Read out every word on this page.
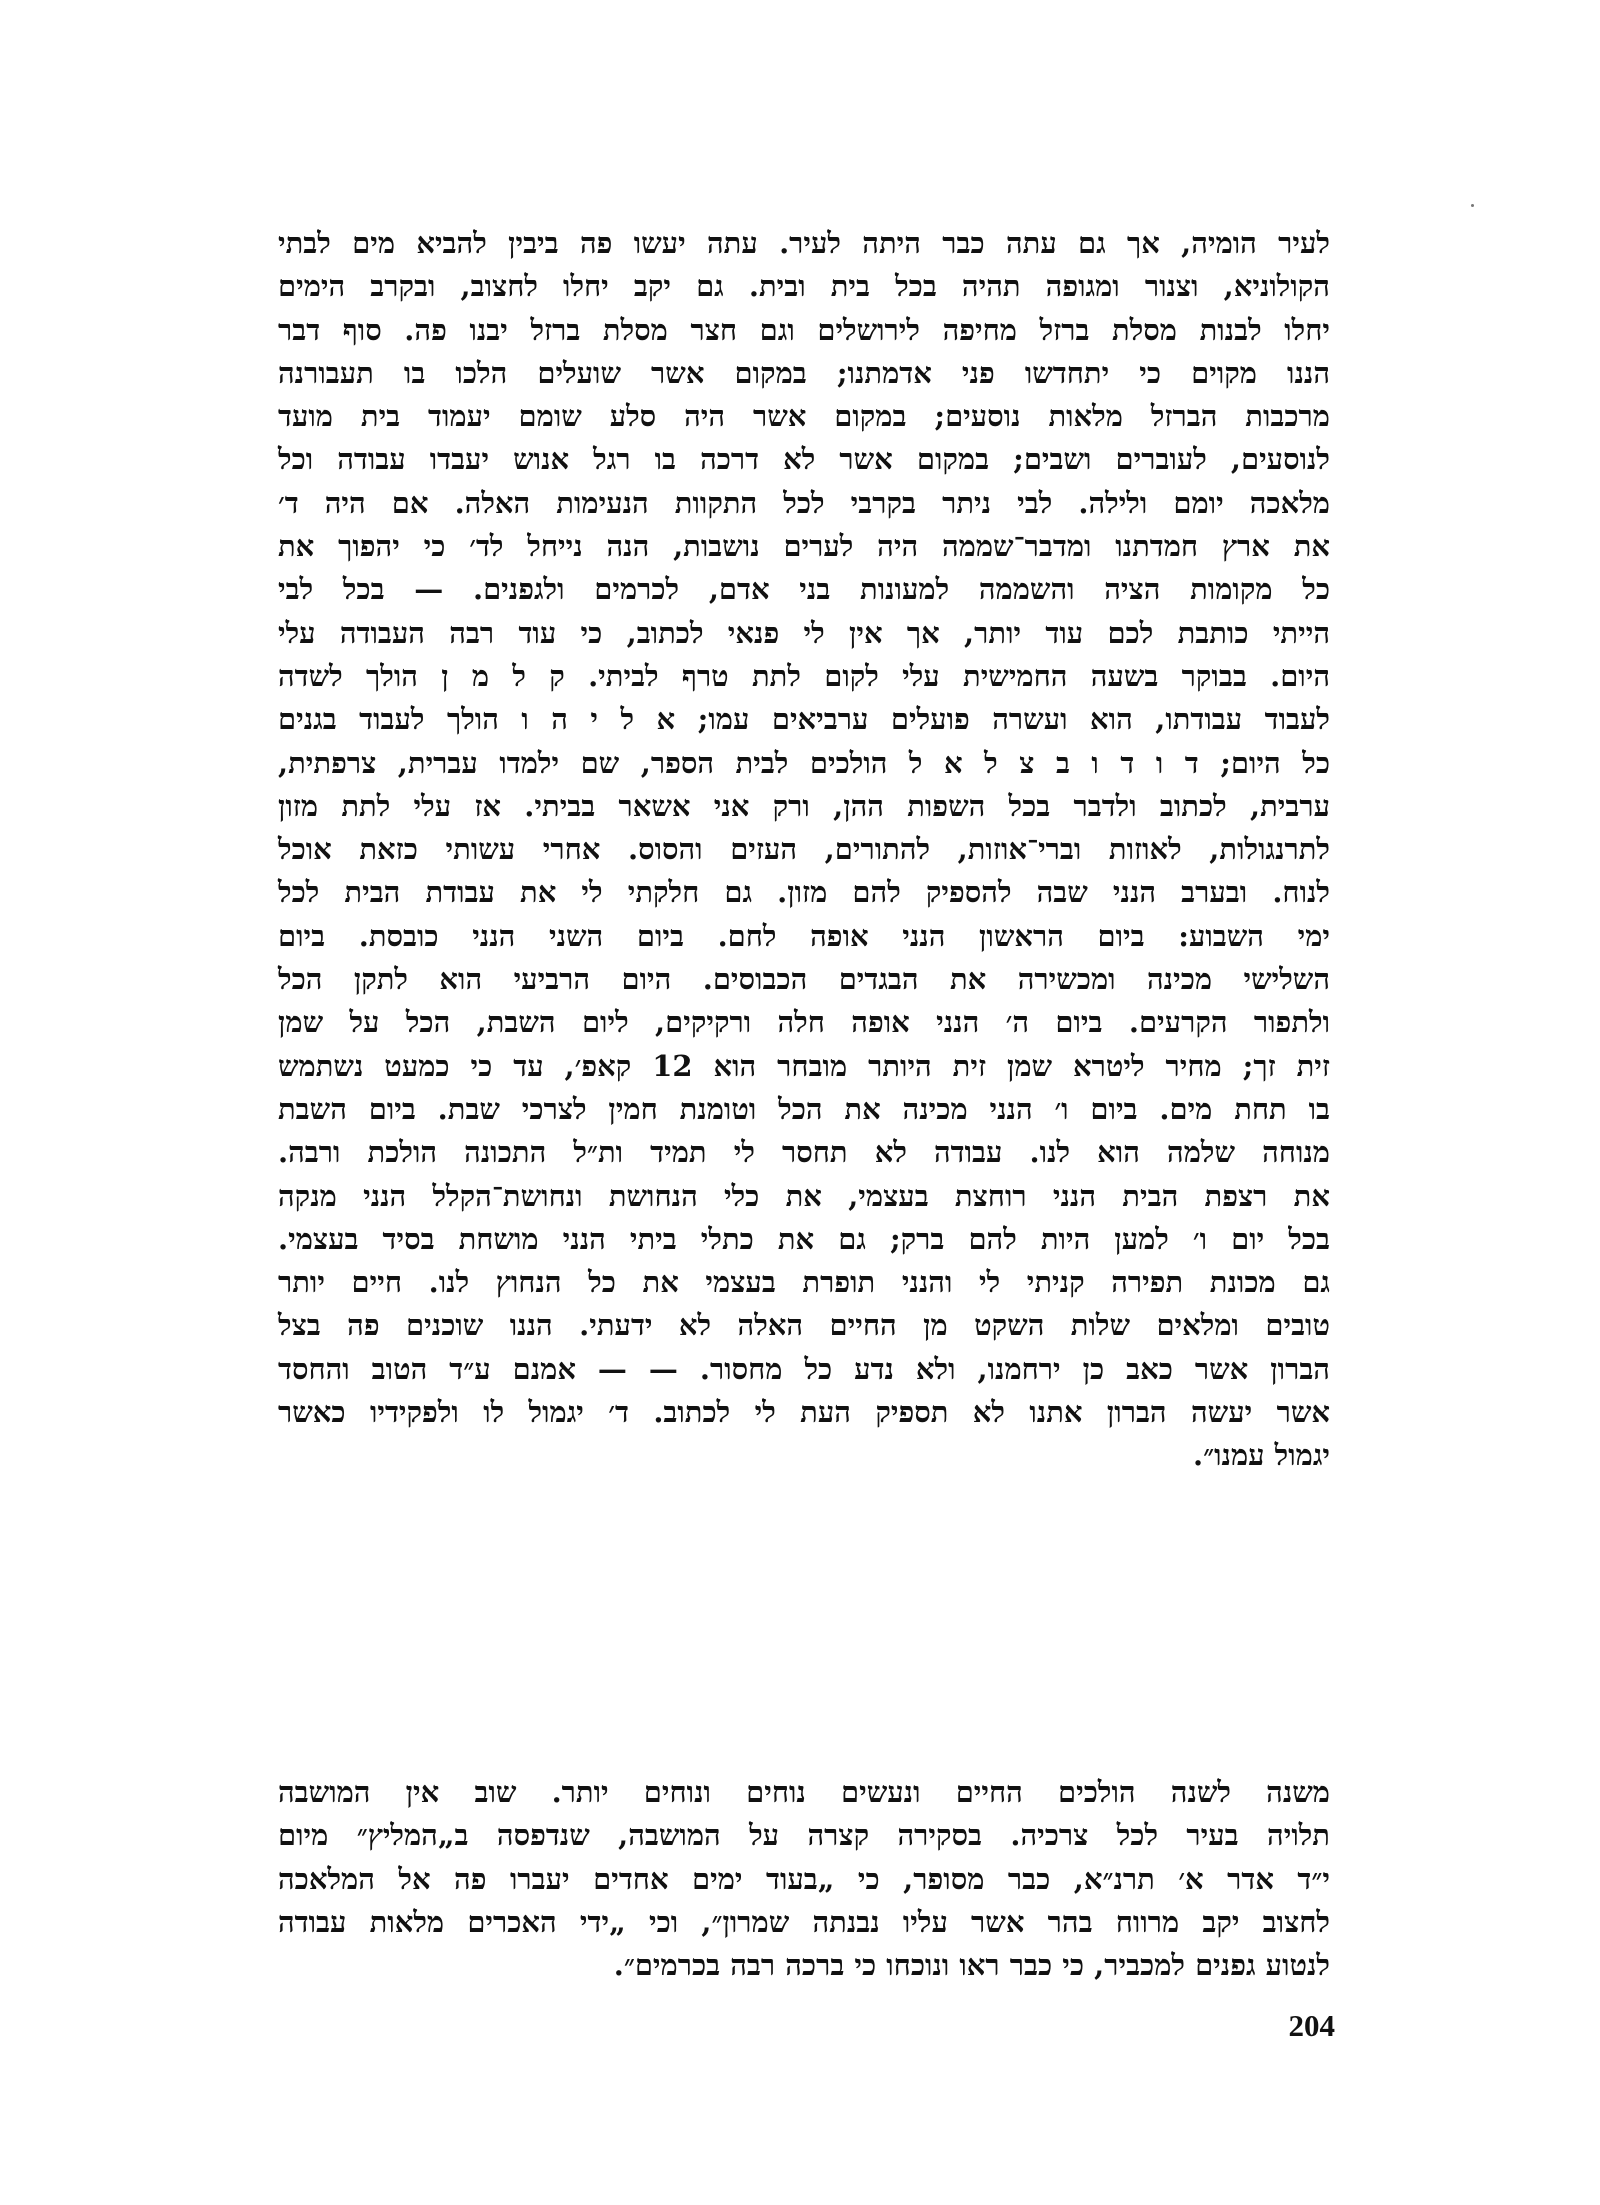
לעיר הומיה, אך גם עתה כבר היתה לעיר. עתה יעשו פה ביבין להביא מים לבתי
הקולוניא, וצנור ומגופה תהיה בכל בית ובית. גם יקב יחלו לחצוב, ובקרב הימים
יחלו לבנות מסלת ברזל מחיפה לירושלים וגם חצר מסלת ברזל יבנו פה. סוף דבר
הננו מקוים כי יתחדשו פני אדמתנו; במקום אשר שועלים הלכו בו תעבורנה
מרכבות הברזל מלאות נוסעים; במקום אשר היה סלע שומם יעמוד בית מועד
לנוסעים, לעוברים ושבים; במקום אשר לא דרכה בו רגל אנוש יעבדו עבודה וכל
מלאכה יומם ולילה. לבי ניתר בקרבי לכל התקוות הנעימות האלה. אם היה ד׳
את ארץ חמדתנו ומדבר־שממה היה לערים נושבות, הנה נייחל לד׳ כי יהפוך את
כל מקומות הציה והשממה למעונות בני אדם, לכרמים ולגפנים. — בכל לבי
הייתי כותבת לכם עוד יותר, אך אין לי פנאי לכתוב, כי עוד רבה העבודה עלי
היום. בבוקר בשעה החמישית עלי לקום לתת טרף לביתי. ק ל מ ן הולך לשדה
לעבוד עבודתו, הוא ועשרה פועלים ערביאים עמו; א ל י ה ו הולך לעבוד בגנים
כל היום; ד ו ד ו ב צ ל א ל הולכים לבית הספר, שם ילמדו עברית, צרפתית,
ערבית, לכתוב ולדבר בכל השפות ההן, ורק אני אשאר בביתי. אז עלי לתת מזון
לתרנגולות, לאוזות וברי־אוזות, להתורים, העזים והסוס. אחרי עשותי כזאת אוכל
לנוח. ובערב הנני שבה להספיק להם מזון. גם חלקתי לי את עבודת הבית לכל
ימי השבוע: ביום הראשון הנני אופה לחם. ביום השני הנני כובסת. ביום
השלישי מכינה ומכשירה את הבגדים הכבוסים. היום הרביעי הוא לתקן הכל
ולתפור הקרעים. ביום ה׳ הנני אופה חלה ורקיקים, ליום השבת, הכל על שמן
זית זך; מחיר ליטרא שמן זית היותר מובחר הוא 12 קאפ׳, עד כי כמעט נשתמש
בו תחת מים. ביום ו׳ הנני מכינה את הכל וטומנת חמין לצרכי שבת. ביום השבת
מנוחה שלמה הוא לנו. עבודה לא תחסר לי תמיד ות״ל התכונה הולכת ורבה.
את רצפת הבית הנני רוחצת בעצמי, את כלי הנחושת ונחושת־הקלל הנני מנקה
בכל יום ו׳ למען היות להם ברק; גם את כתלי ביתי הנני מושחת בסיד בעצמי.
גם מכונת תפירה קניתי לי והנני תופרת בעצמי את כל הנחוץ לנו. חיים יותר
טובים ומלאים שלות השקט מן החיים האלה לא ידעתי. הננו שוכנים פה בצל
הברון אשר כאב כן ירחמנו, ולא נדע כל מחסור. — — אמנם ע״ד הטוב והחסד
אשר יעשה הברון אתנו לא תספיק העת לי לכתוב. ד׳ יגמול לו ולפקידיו כאשר
יגמול עמנו״.
משנה לשנה הולכים החיים ונעשים נוחים ונוחים יותר. שוב אין המושבה
תלויה בעיר לכל צרכיה. בסקירה קצרה על המושבה, שנדפסה ב„המליץ״ מיום
י״ד אדר א׳ תרנ״א, כבר מסופר, כי „בעוד ימים אחדים יעברו פה אל המלאכה
לחצוב יקב מרווח בהר אשר עליו נבנתה שמרון״, וכי „ידי האכרים מלאות עבודה
לנטוע גפנים למכביר, כי כבר ראו ונוכחו כי ברכה רבה בכרמים״.
204
